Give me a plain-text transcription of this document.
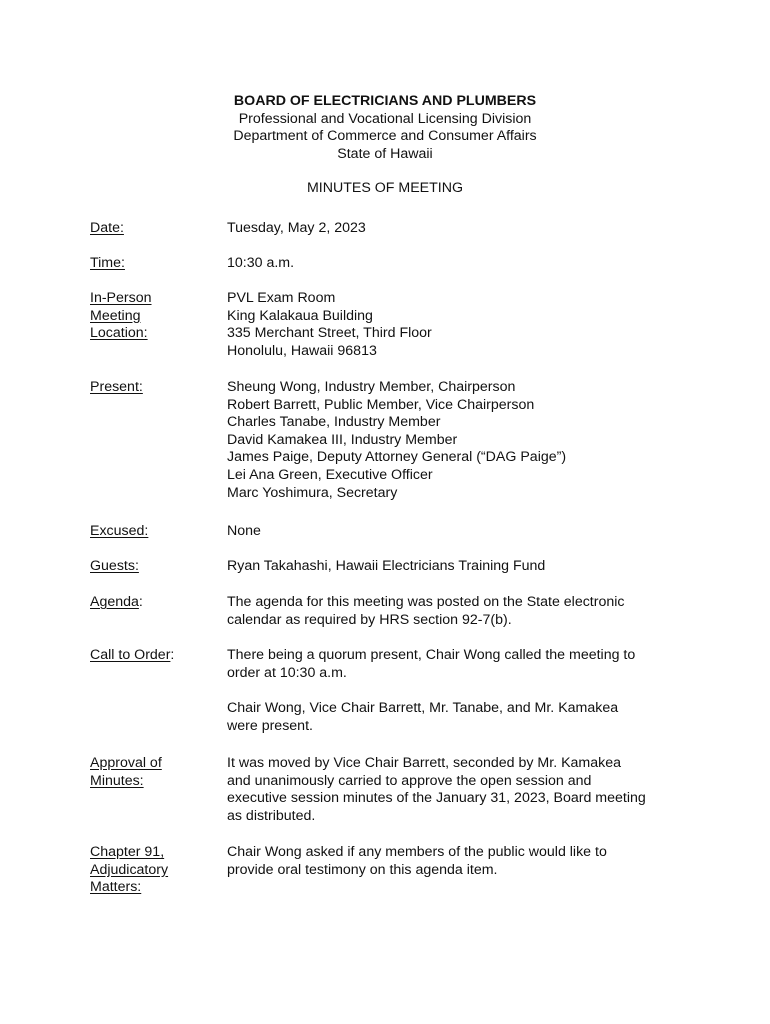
BOARD OF ELECTRICIANS AND PLUMBERS
Professional and Vocational Licensing Division
Department of Commerce and Consumer Affairs
State of Hawaii
MINUTES OF MEETING
Date:	Tuesday, May 2, 2023
Time:	10:30 a.m.
In-Person
Meeting
Location:
PVL Exam Room
King Kalakaua Building
335 Merchant Street, Third Floor
Honolulu, Hawaii 96813
Present:	Sheung Wong, Industry Member, Chairperson
Robert Barrett, Public Member, Vice Chairperson
Charles Tanabe, Industry Member
David Kamakea III, Industry Member
James Paige, Deputy Attorney General (“DAG Paige”)
Lei Ana Green, Executive Officer
Marc Yoshimura, Secretary
Excused:	None
Guests:	Ryan Takahashi, Hawaii Electricians Training Fund
Agenda:	The agenda for this meeting was posted on the State electronic
calendar as required by HRS section 92-7(b).
Call to Order:	There being a quorum present, Chair Wong called the meeting to
order at 10:30 a.m.
Chair Wong, Vice Chair Barrett, Mr. Tanabe, and Mr. Kamakea
were present.
Approval of
Minutes:
It was moved by Vice Chair Barrett, seconded by Mr. Kamakea
and unanimously carried to approve the open session and
executive session minutes of the January 31, 2023, Board meeting
as distributed.
Chapter 91,
Adjudicatory
Matters:
Chair Wong asked if any members of the public would like to
provide oral testimony on this agenda item.
